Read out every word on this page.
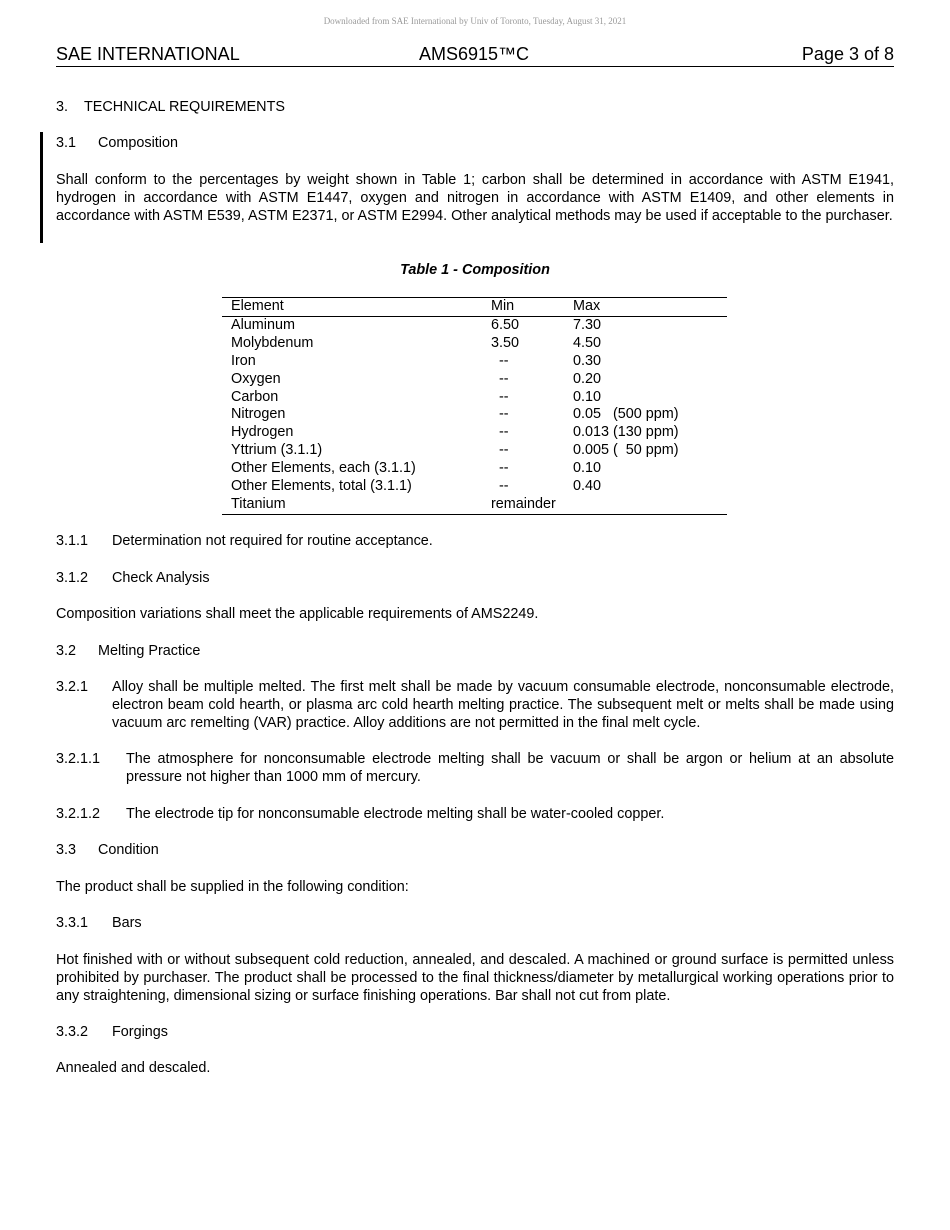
Downloaded from SAE International by Univ of Toronto, Tuesday, August 31, 2021
SAE INTERNATIONAL	AMS6915™C	Page 3 of 8
3. TECHNICAL REQUIREMENTS
3.1 Composition
Shall conform to the percentages by weight shown in Table 1; carbon shall be determined in accordance with ASTM E1941, hydrogen in accordance with ASTM E1447, oxygen and nitrogen in accordance with ASTM E1409, and other elements in accordance with ASTM E539, ASTM E2371, or ASTM E2994. Other analytical methods may be used if acceptable to the purchaser.
Table 1 - Composition
Element	Min	Max
Aluminum	6.50	7.30
Molybdenum	3.50	4.50
Iron	--	0.30
Oxygen	--	0.20
Carbon	--	0.10
Nitrogen	--	0.05   (500 ppm)
Hydrogen	--	0.013 (130 ppm)
Yttrium (3.1.1)	--	0.005 (  50 ppm)
Other Elements, each (3.1.1)	--	0.10
Other Elements, total (3.1.1)	--	0.40
Titanium	remainder	
3.1.1 Determination not required for routine acceptance.
3.1.2 Check Analysis
Composition variations shall meet the applicable requirements of AMS2249.
3.2 Melting Practice
3.2.1 Alloy shall be multiple melted. The first melt shall be made by vacuum consumable electrode, nonconsumable electrode, electron beam cold hearth, or plasma arc cold hearth melting practice. The subsequent melt or melts shall be made using vacuum arc remelting (VAR) practice. Alloy additions are not permitted in the final melt cycle.
3.2.1.1 The atmosphere for nonconsumable electrode melting shall be vacuum or shall be argon or helium at an absolute pressure not higher than 1000 mm of mercury.
3.2.1.2 The electrode tip for nonconsumable electrode melting shall be water-cooled copper.
3.3 Condition
The product shall be supplied in the following condition:
3.3.1 Bars
Hot finished with or without subsequent cold reduction, annealed, and descaled. A machined or ground surface is permitted unless prohibited by purchaser. The product shall be processed to the final thickness/diameter by metallurgical working operations prior to any straightening, dimensional sizing or surface finishing operations. Bar shall not cut from plate.
3.3.2 Forgings
Annealed and descaled.
